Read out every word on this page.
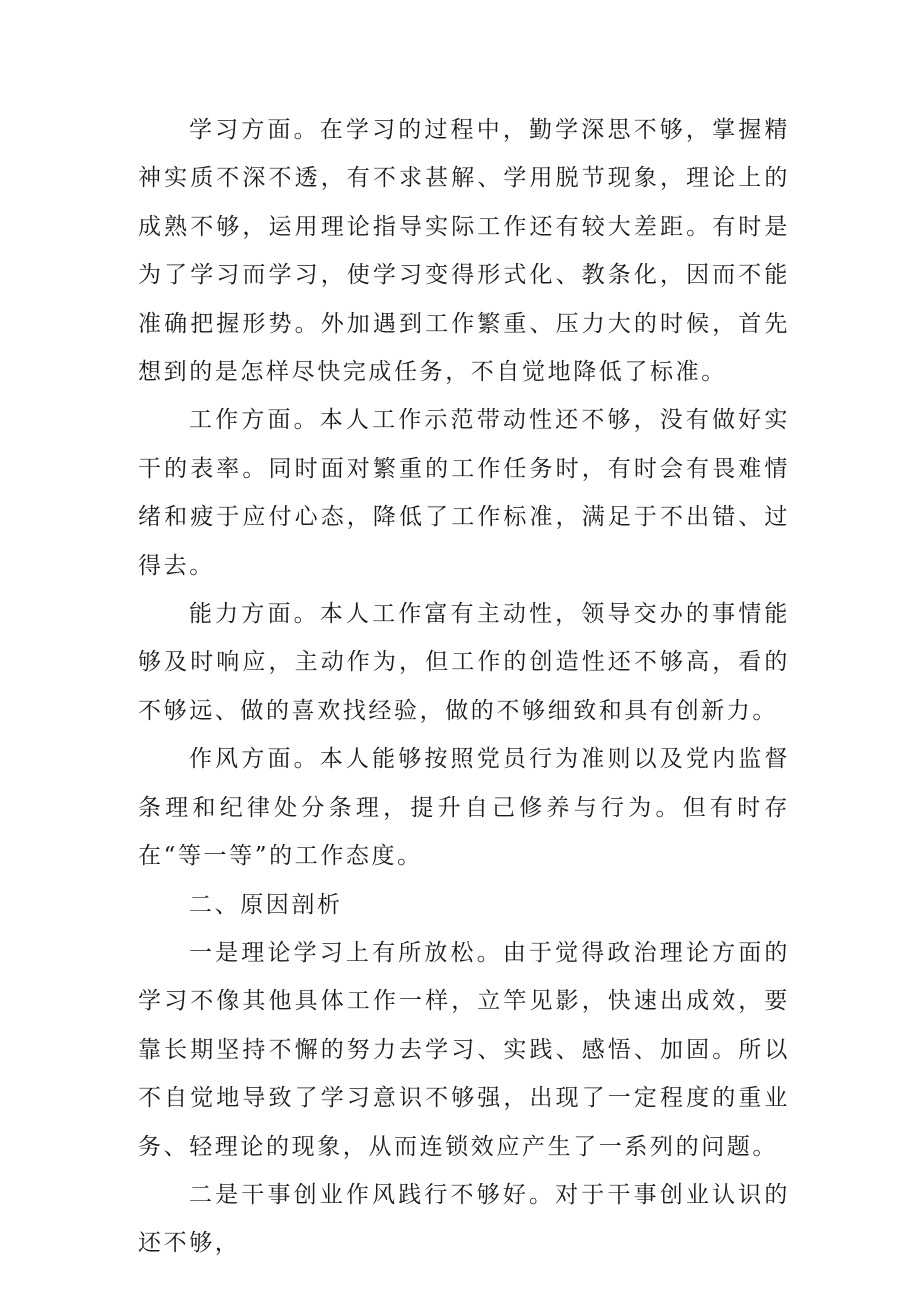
学习方面。在学习的过程中，勤学深思不够，掌握精神实质不深不透，有不求甚解、学用脱节现象，理论上的成熟不够，运用理论指导实际工作还有较大差距。有时是为了学习而学习，使学习变得形式化、教条化，因而不能准确把握形势。外加遇到工作繁重、压力大的时候，首先想到的是怎样尽快完成任务，不自觉地降低了标准。

工作方面。本人工作示范带动性还不够，没有做好实干的表率。同时面对繁重的工作任务时，有时会有畏难情绪和疲于应付心态，降低了工作标准，满足于不出错、过得去。

能力方面。本人工作富有主动性，领导交办的事情能够及时响应，主动作为，但工作的创造性还不够高，看的不够远、做的喜欢找经验，做的不够细致和具有创新力。

作风方面。本人能够按照党员行为准则以及党内监督条理和纪律处分条理，提升自己修养与行为。但有时存在“等一等”的工作态度。

二、原因剖析

一是理论学习上有所放松。由于觉得政治理论方面的学习不像其他具体工作一样，立竿见影，快速出成效，要靠长期坚持不懈的努力去学习、实践、感悟、加固。所以不自觉地导致了学习意识不够强，出现了一定程度的重业务、轻理论的现象，从而连锁效应产生了一系列的问题。

二是干事创业作风践行不够好。对于干事创业认识的还不够，
